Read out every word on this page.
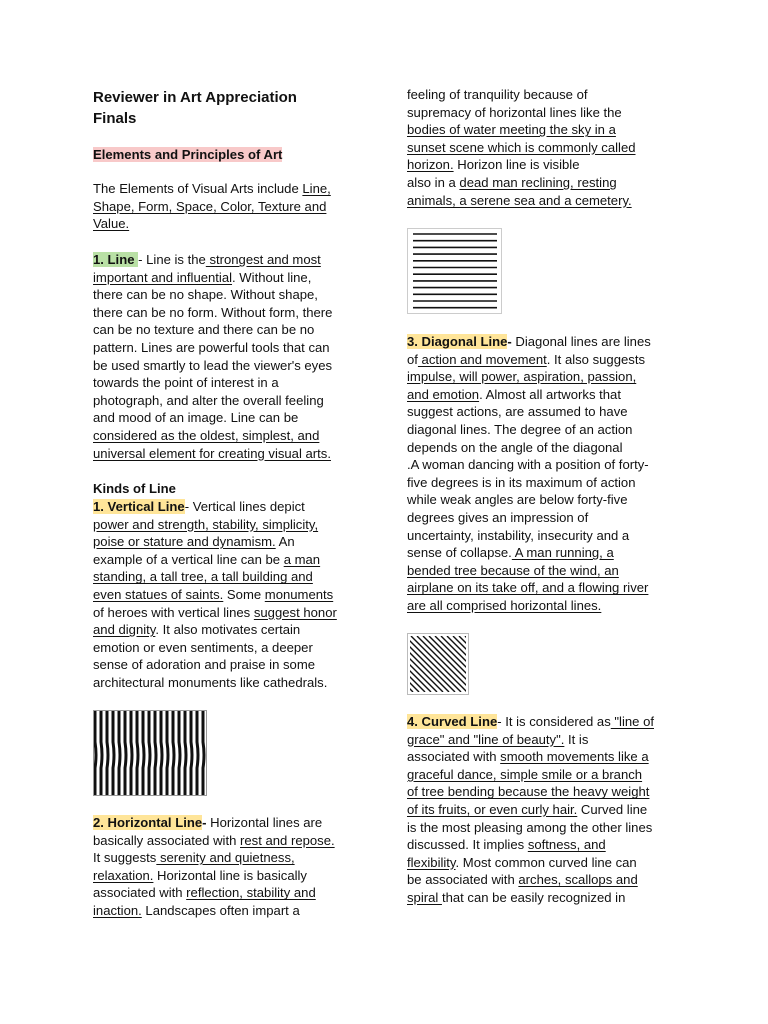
Reviewer in Art Appreciation
Finals
Elements and Principles of Art
The Elements of Visual Arts include Line,
Shape, Form, Space, Color, Texture and
Value.
1. Line - Line is the strongest and most
important and influential. Without line,
there can be no shape. Without shape,
there can be no form. Without form, there
can be no texture and there can be no
pattern. Lines are powerful tools that can
be used smartly to lead the viewer's eyes
towards the point of interest in a
photograph, and alter the overall feeling
and mood of an image. Line can be
considered as the oldest, simplest, and
universal element for creating visual arts.
Kinds of Line
1. Vertical Line- Vertical lines depict
power and strength, stability, simplicity,
poise or stature and dynamism. An
example of a vertical line can be a man
standing, a tall tree, a tall building and
even statues of saints. Some monuments
of heroes with vertical lines suggest honor
and dignity. It also motivates certain
emotion or even sentiments, a deeper
sense of adoration and praise in some
architectural monuments like cathedrals.
2. Horizontal Line- Horizontal lines are
basically associated with rest and repose.
It suggests serenity and quietness,
relaxation. Horizontal line is basically
associated with reflection, stability and
inaction. Landscapes often impart a
feeling of tranquility because of
supremacy of horizontal lines like the
bodies of water meeting the sky in a
sunset scene which is commonly called
horizon. Horizon line is visible
also in a dead man reclining, resting
animals, a serene sea and a cemetery.
3. Diagonal Line- Diagonal lines are lines
of action and movement. It also suggests
impulse, will power, aspiration, passion,
and emotion. Almost all artworks that
suggest actions, are assumed to have
diagonal lines. The degree of an action
depends on the angle of the diagonal
.A woman dancing with a position of forty-
five degrees is in its maximum of action
while weak angles are below forty-five
degrees gives an impression of
uncertainty, instability, insecurity and a
sense of collapse. A man running, a
bended tree because of the wind, an
airplane on its take off, and a flowing river
are all comprised horizontal lines.
4. Curved Line- It is considered as "line of
grace" and "line of beauty". It is
associated with smooth movements like a
graceful dance, simple smile or a branch
of tree bending because the heavy weight
of its fruits, or even curly hair. Curved line
is the most pleasing among the other lines
discussed. It implies softness, and
flexibility. Most common curved line can
be associated with arches, scallops and
spiral that can be easily recognized in
